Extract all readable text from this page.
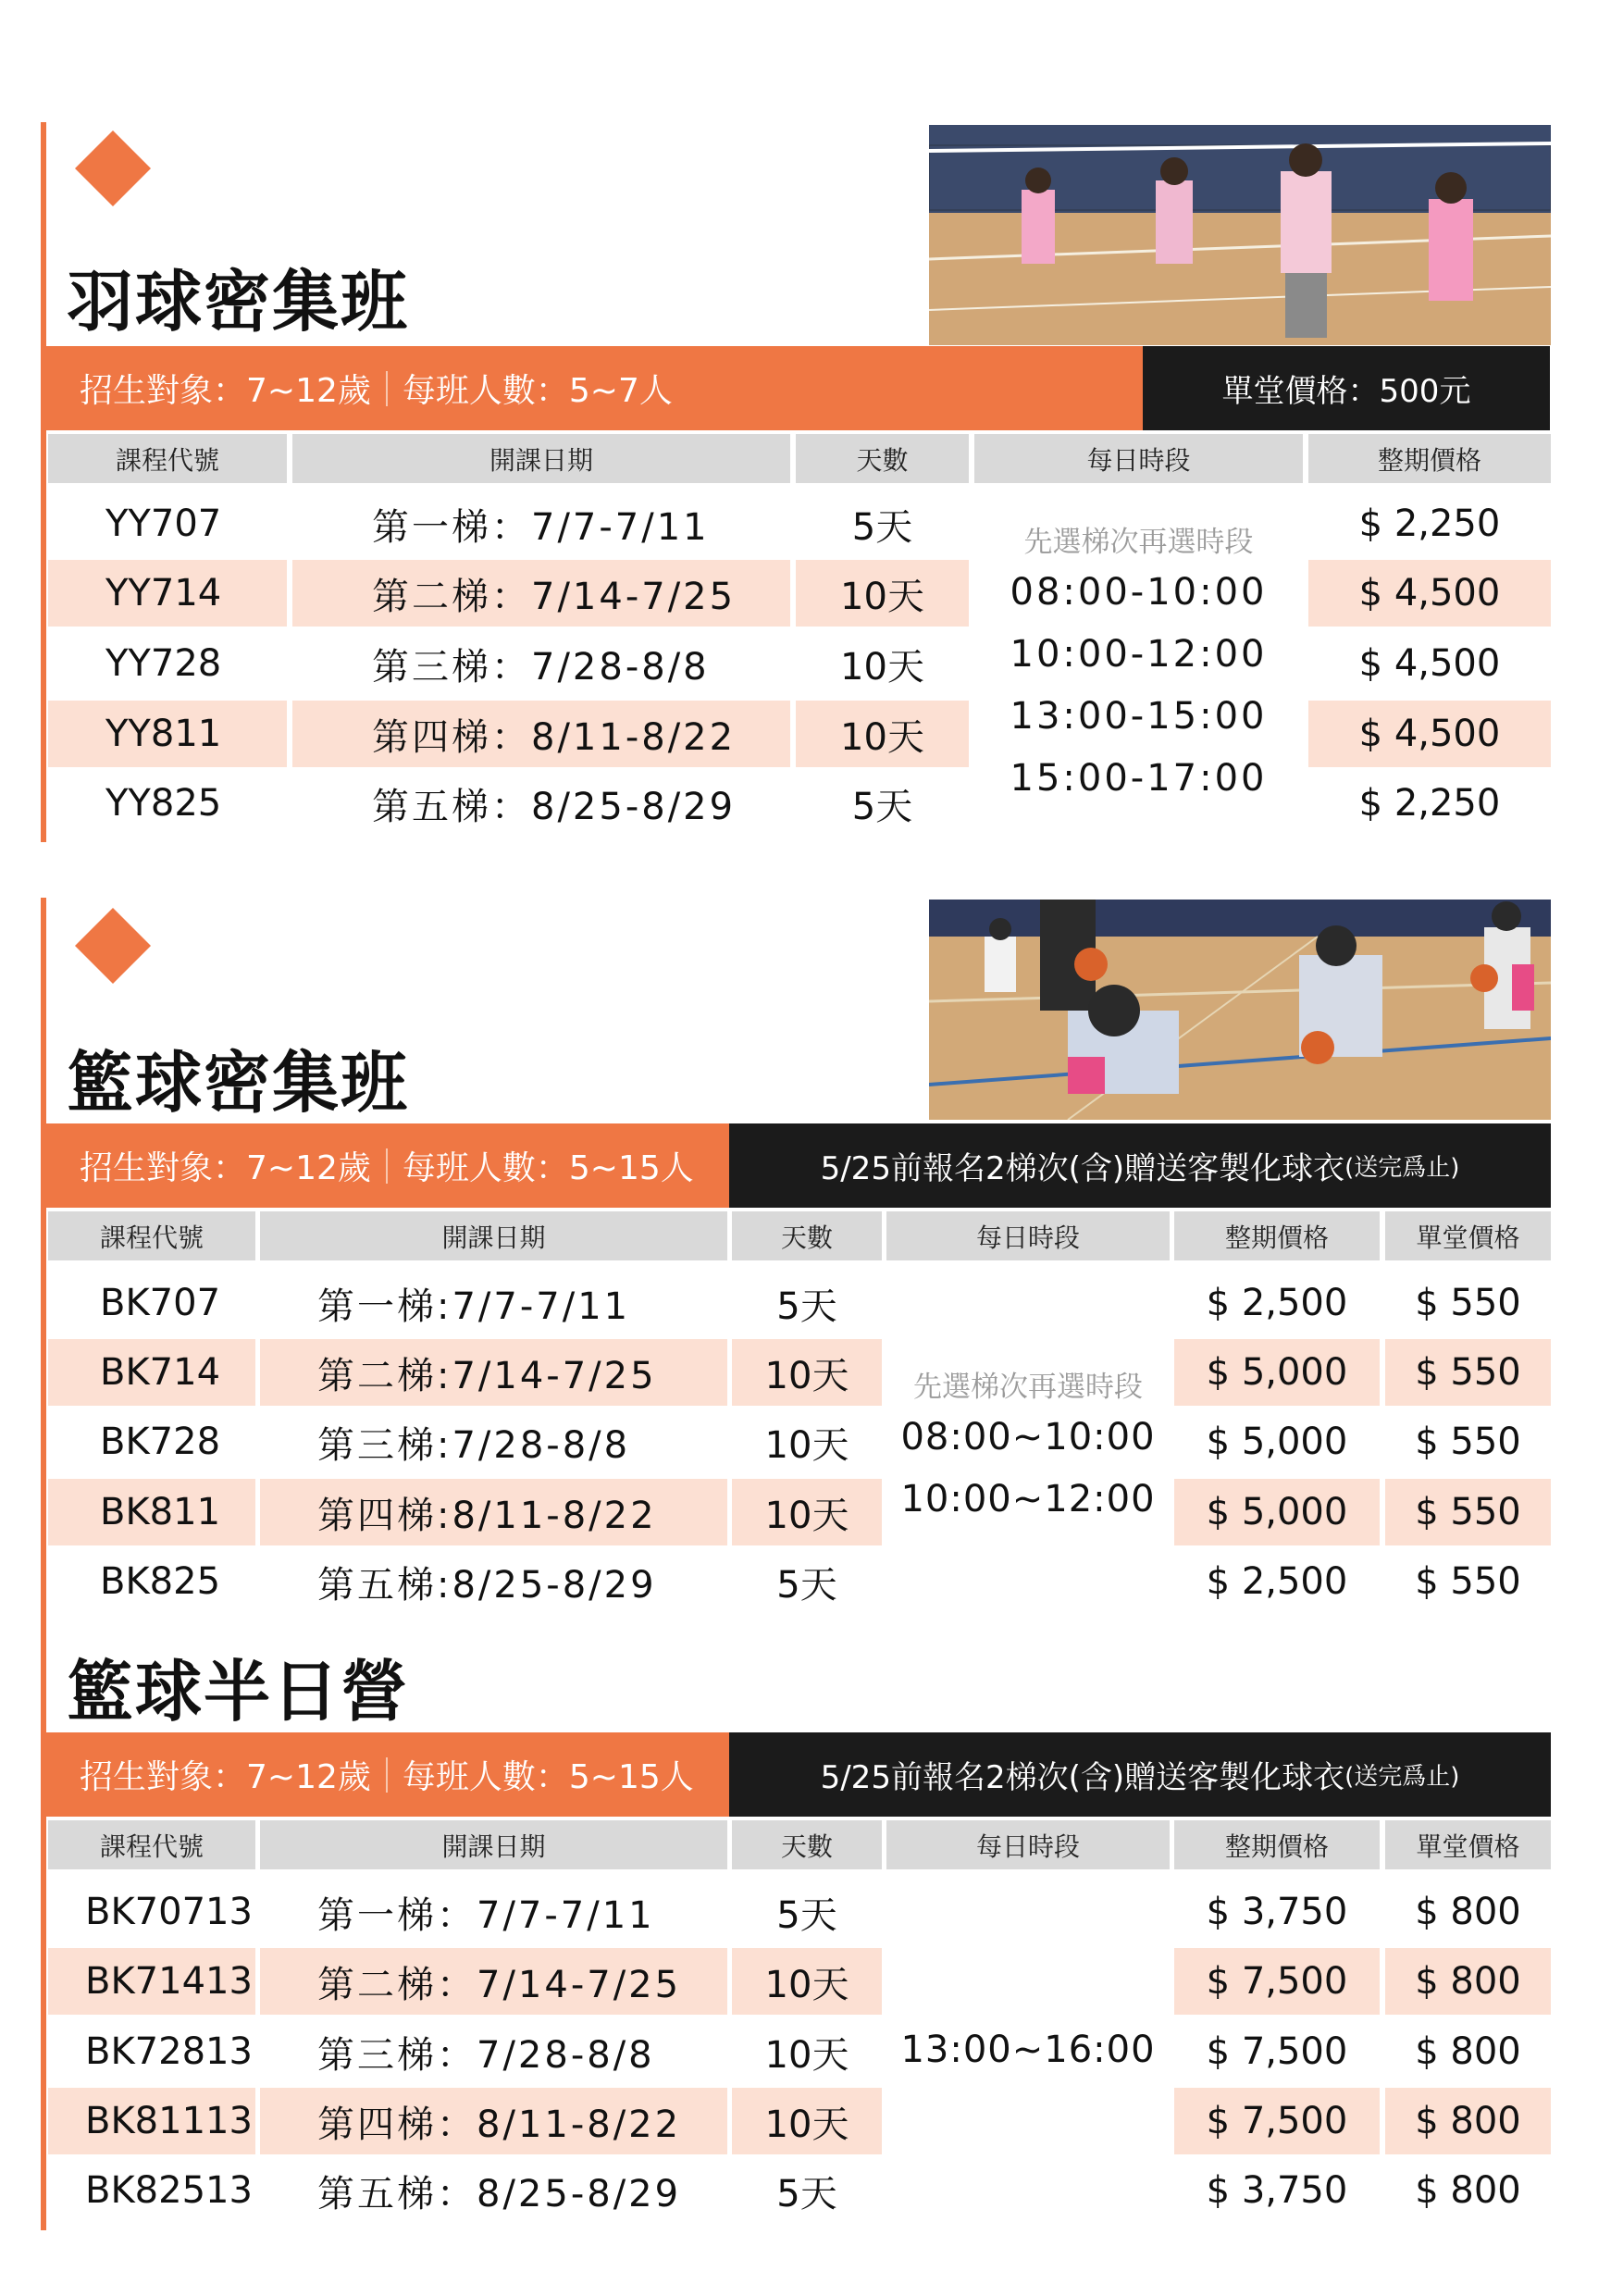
羽球密集班
招生對象：7~12歲 每班人數：5~7人	單堂價格：500元
課程代號	開課日期	天數	每日時段	整期價格
YY707	第一梯：7/7-7/11	5天	$ 2,250
YY714	第二梯：7/14-7/25	10天	$ 4,500
YY728	第三梯：7/28-8/8	10天	$ 4,500
YY811	第四梯：8/11-8/22	10天	$ 4,500
YY825	第五梯：8/25-8/29	5天	$ 2,250
先選梯次再選時段
08:00-10:00
10:00-12:00
13:00-15:00
15:00-17:00
籃球密集班
招生對象：7~12歲 每班人數：5~15人	5/25前報名2梯次(含)贈送客製化球衣 (送完爲止)
課程代號	開課日期	天數	每日時段	整期價格	單堂價格
BK707	第一梯:7/7-7/11	5天	$ 2,500	$ 550
BK714	第二梯:7/14-7/25	10天	$ 5,000	$ 550
BK728	第三梯:7/28-8/8	10天	$ 5,000	$ 550
BK811	第四梯:8/11-8/22	10天	$ 5,000	$ 550
BK825	第五梯:8/25-8/29	5天	$ 2,500	$ 550
先選梯次再選時段
08:00~10:00
10:00~12:00
籃球半日營
招生對象：7~12歲 每班人數：5~15人	5/25前報名2梯次(含)贈送客製化球衣 (送完爲止)
課程代號	開課日期	天數	每日時段	整期價格	單堂價格
BK70713	第一梯：7/7-7/11	5天	$ 3,750	$ 800
BK71413	第二梯：7/14-7/25	10天	$ 7,500	$ 800
BK72813	第三梯：7/28-8/8	10天	$ 7,500	$ 800
BK81113	第四梯：8/11-8/22	10天	$ 7,500	$ 800
BK82513	第五梯：8/25-8/29	5天	$ 3,750	$ 800
13:00~16:00
